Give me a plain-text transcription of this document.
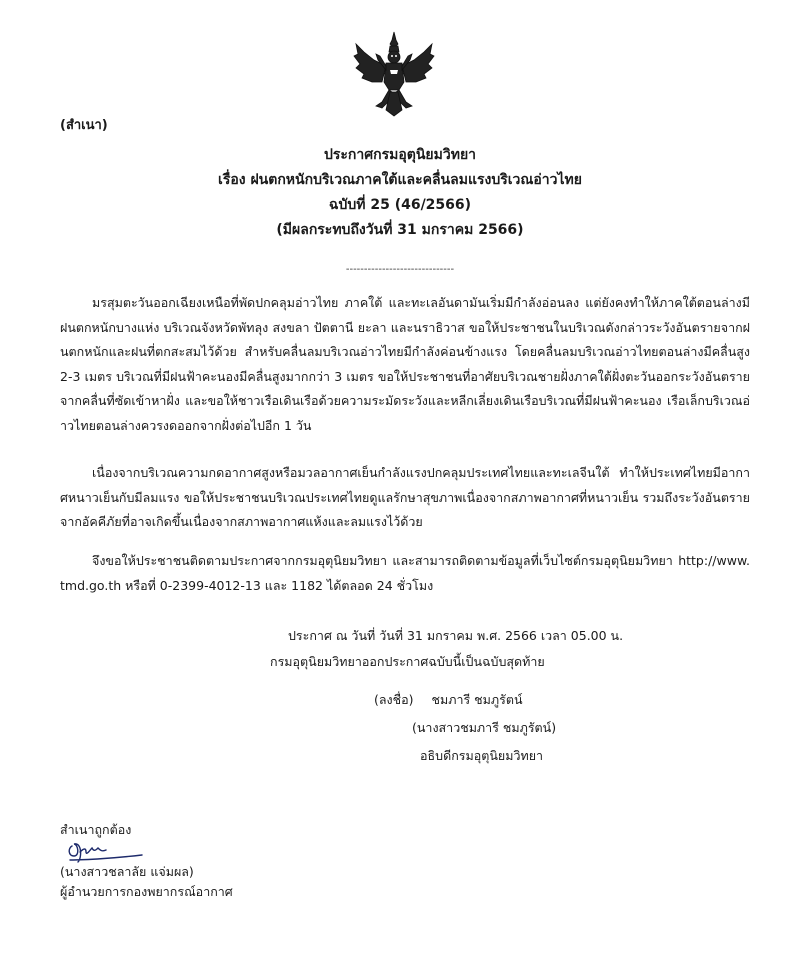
(สำเนา)
ประกาศกรมอุตุนิยมวิทยา
เรื่อง ฝนตกหนักบริเวณภาคใต้และคลื่นลมแรงบริเวณอ่าวไทย
ฉบับที่ 25 (46/2566)
(มีผลกระทบถึงวันที่ 31 มกราคม 2566)
------------------------------
มรสุมตะวันออกเฉียงเหนือที่พัดปกคลุมอ่าวไทย ภาคใต้ และทะเลอันดามันเริ่มมีกำลังอ่อนลง แต่ยังคงทำให้ภาคใต้ตอนล่างมีฝนตกหนักบางแห่ง บริเวณจังหวัดพัทลุง สงขลา ปัตตานี ยะลา และนราธิวาส ขอให้ประชาชนในบริเวณดังกล่าวระวังอันตรายจากฝนตกหนักและฝนที่ตกสะสมไว้ด้วย สำหรับคลื่นลมบริเวณอ่าวไทยมีกำลังค่อนข้างแรง โดยคลื่นลมบริเวณอ่าวไทยตอนล่างมีคลื่นสูง 2-3 เมตร บริเวณที่มีฝนฟ้าคะนองมีคลื่นสูงมากกว่า 3 เมตร ขอให้ประชาชนที่อาศัยบริเวณชายฝั่งภาคใต้ฝั่งตะวันออกระวังอันตรายจากคลื่นที่ซัดเข้าหาฝั่ง และขอให้ชาวเรือเดินเรือด้วยความระมัดระวังและหลีกเลี่ยงเดินเรือบริเวณที่มีฝนฟ้าคะนอง เรือเล็กบริเวณอ่าวไทยตอนล่างควรงดออกจากฝั่งต่อไปอีก 1 วัน
เนื่องจากบริเวณความกดอากาศสูงหรือมวลอากาศเย็นกำลังแรงปกคลุมประเทศไทยและทะเลจีนใต้ ทำให้ประเทศไทยมีอากาศหนาวเย็นกับมีลมแรง ขอให้ประชาชนบริเวณประเทศไทยดูแลรักษาสุขภาพเนื่องจากสภาพอากาศที่หนาวเย็น รวมถึงระวังอันตรายจากอัคคีภัยที่อาจเกิดขึ้นเนื่องจากสภาพอากาศแห้งและลมแรงไว้ด้วย
จึงขอให้ประชาชนติดตามประกาศจากกรมอุตุนิยมวิทยา และสามารถติดตามข้อมูลที่เว็บไซต์กรมอุตุนิยมวิทยา http://www.tmd.go.th หรือที่ 0-2399-4012-13 และ 1182 ได้ตลอด 24 ชั่วโมง
ประกาศ ณ วันที่ วันที่ 31 มกราคม พ.ศ. 2566 เวลา 05.00 น.
กรมอุตุนิยมวิทยาออกประกาศฉบับนี้เป็นฉบับสุดท้าย
(ลงชื่อ) ชมภารี ชมภูรัตน์
(นางสาวชมภารี ชมภูรัตน์)
อธิบดีกรมอุตุนิยมวิทยา
สำเนาถูกต้อง
(นางสาวชลาลัย แจ่มผล)
ผู้อำนวยการกองพยากรณ์อากาศ
